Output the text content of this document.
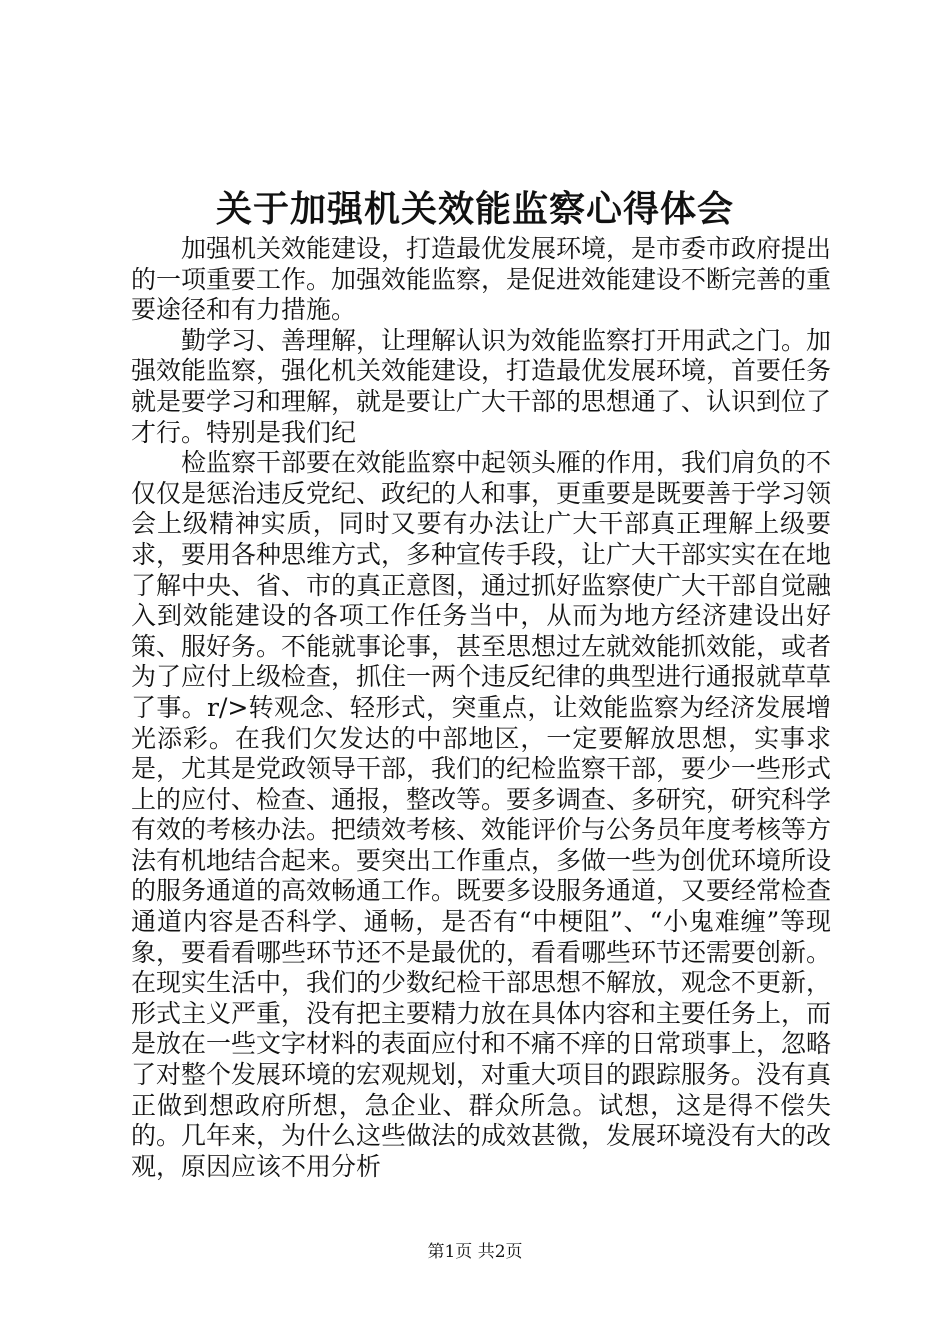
关于加强机关效能监察心得体会

加强机关效能建设，打造最优发展环境，是市委市政府提出的一项重要工作。加强效能监察，是促进效能建设不断完善的重要途径和有力措施。

勤学习、善理解，让理解认识为效能监察打开用武之门。加强效能监察，强化机关效能建设，打造最优发展环境，首要任务就是要学习和理解，就是要让广大干部的思想通了、认识到位了才行。特别是我们纪

检监察干部要在效能监察中起领头雁的作用，我们肩负的不仅仅是惩治违反党纪、政纪的人和事，更重要是既要善于学习领会上级精神实质，同时又要有办法让广大干部真正理解上级要求，要用各种思维方式，多种宣传手段，让广大干部实实在在地了解中央、省、市的真正意图，通过抓好监察使广大干部自觉融入到效能建设的各项工作任务当中，从而为地方经济建设出好策、服好务。不能就事论事，甚至思想过左就效能抓效能，或者为了应付上级检查，抓住一两个违反纪律的典型进行通报就草草了事。r/>转观念、轻形式，突重点，让效能监察为经济发展增光添彩。在我们欠发达的中部地区，一定要解放思想，实事求是，尤其是党政领导干部，我们的纪检监察干部，要少一些形式上的应付、检查、通报，整改等。要多调查、多研究，研究科学有效的考核办法。把绩效考核、效能评价与公务员年度考核等方法有机地结合起来。要突出工作重点，多做一些为创优环境所设的服务通道的高效畅通工作。既要多设服务通道，又要经常检查通道内容是否科学、通畅，是否有“中梗阻”、“小鬼难缠”等现象，要看看哪些环节还不是最优的，看看哪些环节还需要创新。在现实生活中，我们的少数纪检干部思想不解放，观念不更新，形式主义严重，没有把主要精力放在具体内容和主要任务上，而是放在一些文字材料的表面应付和不痛不痒的日常琐事上，忽略了对整个发展环境的宏观规划，对重大项目的跟踪服务。没有真正做到想政府所想，急企业、群众所急。试想，这是得不偿失的。几年来，为什么这些做法的成效甚微，发展环境没有大的改观，原因应该不用分析

第1页 共2页
